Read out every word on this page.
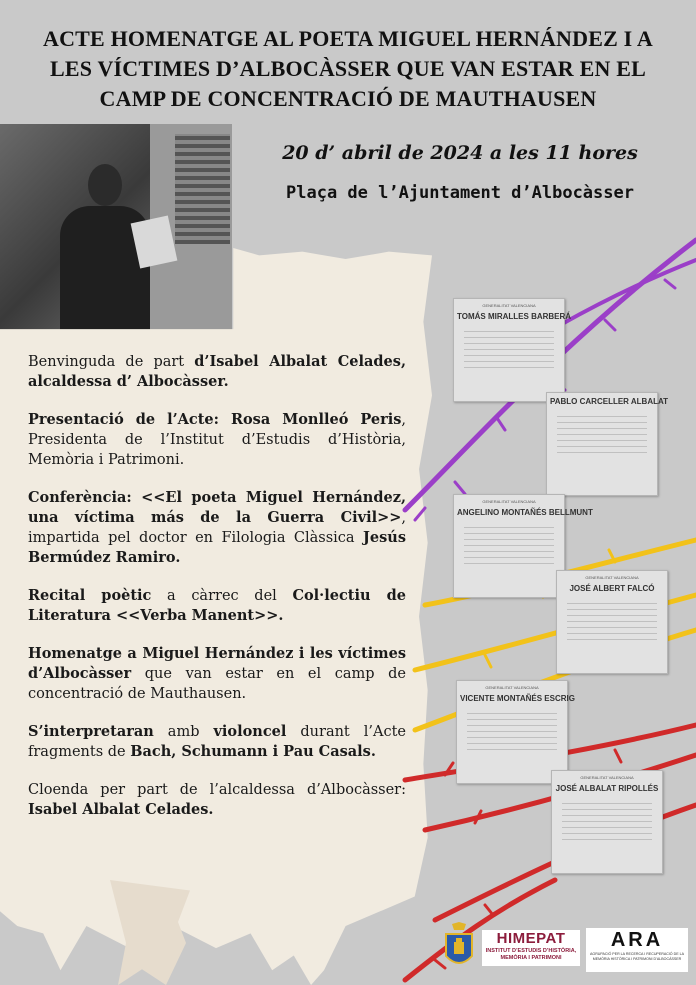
ACTE HOMENATGE AL POETA MIGUEL HERNÁNDEZ I A LES VÍCTIMES D’ALBOCÀSSER QUE VAN ESTAR EN EL CAMP DE CONCENTRACIÓ DE MAUTHAUSEN
20 d’ abril de 2024 a les 11 hores
Plaça de l’Ajuntament d’Albocàsser
GENERALITAT VALENCIANA
TOMÁS MIRALLES BARBERÁ
PABLO CARCELLER ALBALAT
GENERALITAT VALENCIANA
ANGELINO MONTAÑÉS BELLMUNT
GENERALITAT VALENCIANA
JOSÉ ALBERT FALCÓ
GENERALITAT VALENCIANA
VICENTE MONTAÑÉS ESCRIG
GENERALITAT VALENCIANA
JOSÉ ALBALAT RIPOLLÉS

Benvinguda de part d’Isabel Albalat Celades, alcaldessa d’ Albocàsser.

Presentació de l’Acte: Rosa Monlleó Peris, Presidenta de l’Institut d’Estudis d’Història, Memòria i Patrimoni.

Conferència: <<El poeta Miguel Hernández, una víctima más de la Guerra Civil>>, impartida pel doctor en Filologia Clàssica Jesús Bermúdez Ramiro.

Recital poètic a càrrec del Col·lectiu de Literatura <<Verba Manent>>.

Homenatge a Miguel Hernández i les víctimes d’Albocàsser que van estar en el camp de concentració de Mauthausen.

S’interpretaran amb violoncel durant l’Acte fragments de Bach, Schumann i Pau Casals.

Cloenda per part de l’alcaldessa d’Albocàsser: Isabel Albalat Celades.

HIMEPAT
INSTITUT D’ESTUDIS D’HISTÒRIA, MEMÒRIA I PATRIMONI
ARA
AGRUPACIÓ PER LA RECERCA I RECUPERACIÓ DE LA MEMÒRIA HISTÒRICA I PATRIMONI D’ALBOCÀSSER
